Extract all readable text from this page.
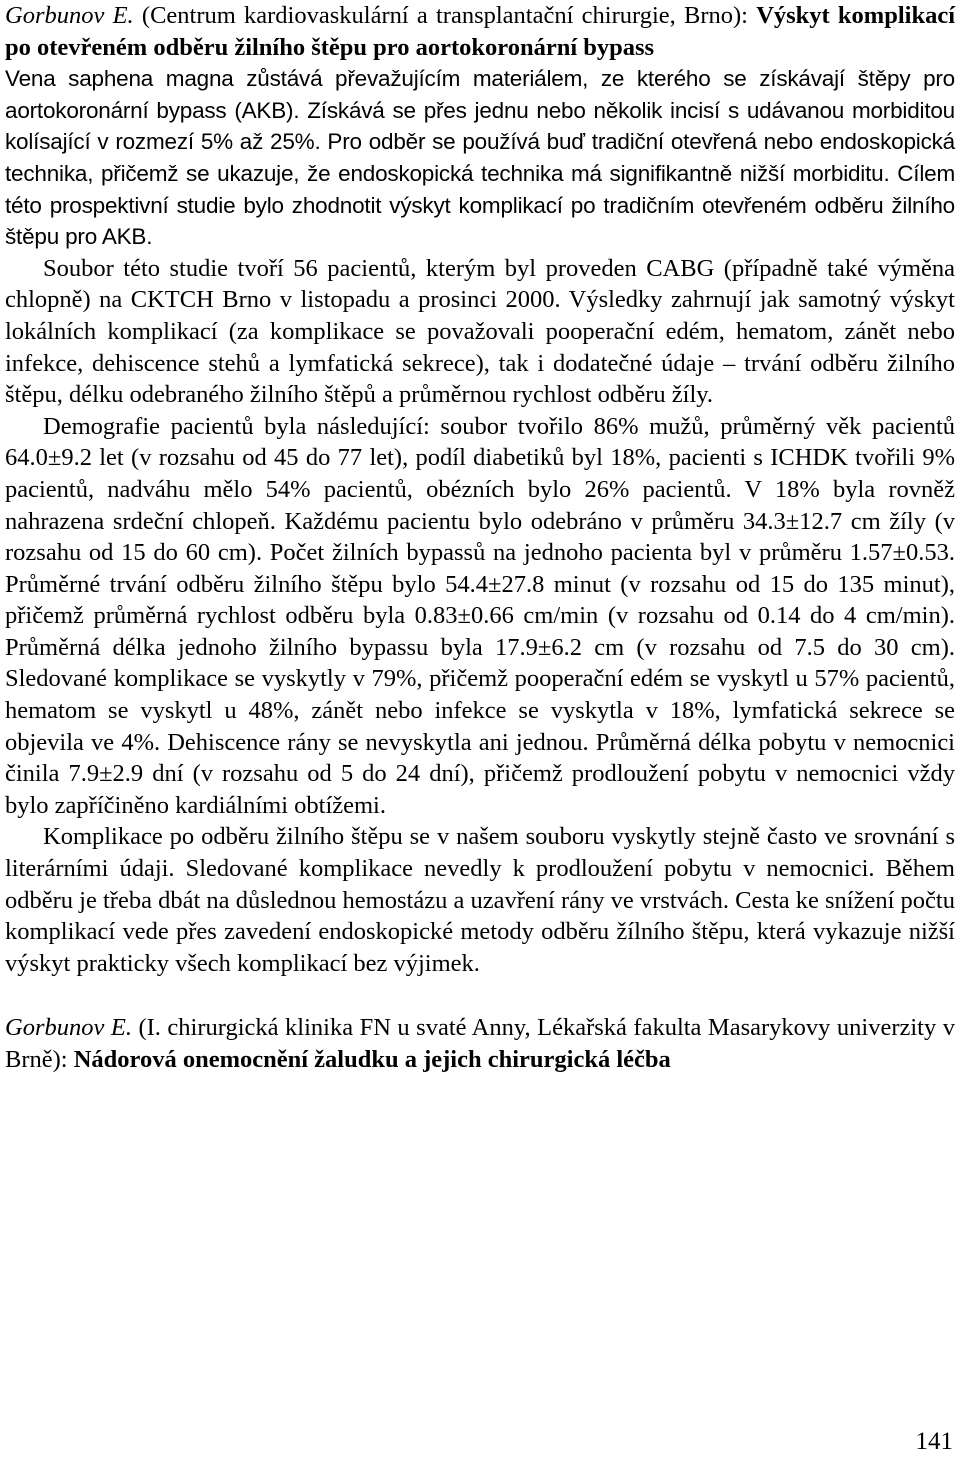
Gorbunov E. (Centrum kardiovaskulární a transplantační chirurgie, Brno): Výskyt komplikací po otevřeném odběru žilního štěpu pro aortokoronární bypass

Vena saphena magna zůstává převažujícím materiálem, ze kterého se získávají štěpy pro aortokoronární bypass (AKB). Získává se přes jednu nebo několik incisí s udávanou morbiditou kolísající v rozmezí 5% až 25%. Pro odběr se používá buď tradiční otevřená nebo endoskopická technika, přičemž se ukazuje, že endoskopická technika má signifikantně nižší morbiditu. Cílem této prospektivní studie bylo zhodnotit výskyt komplikací po tradičním otevřeném odběru žilního štěpu pro AKB.

Soubor této studie tvoří 56 pacientů, kterým byl proveden CABG (případně také výměna chlopně) na CKTCH Brno v listopadu a prosinci 2000. Výsledky zahrnují jak samotný výskyt lokálních komplikací (za komplikace se považovali pooperační edém, hematom, zánět nebo infekce, dehiscence stehů a lymfatická sekrece), tak i dodatečné údaje – trvání odběru žilního štěpu, délku odebraného žilního štěpů a průměrnou rychlost odběru žíly.

Demografie pacientů byla následující: soubor tvořilo 86% mužů, průměrný věk pacientů 64.0±9.2 let (v rozsahu od 45 do 77 let), podíl diabetiků byl 18%, pacienti s ICHDK tvořili 9% pacientů, nadváhu mělo 54% pacientů, obézních bylo 26% pacientů. V 18% byla rovněž nahrazena srdeční chlopeň. Každému pacientu bylo odebráno v průměru 34.3±12.7 cm žíly (v rozsahu od 15 do 60 cm). Počet žilních bypassů na jednoho pacienta byl v průměru 1.57±0.53. Průměrné trvání odběru žilního štěpu bylo 54.4±27.8 minut (v rozsahu od 15 do 135 minut), přičemž průměrná rychlost odběru byla 0.83±0.66 cm/min (v rozsahu od 0.14 do 4 cm/min). Průměrná délka jednoho žilního bypassu byla 17.9±6.2 cm (v rozsahu od 7.5 do 30 cm). Sledované komplikace se vyskytly v 79%, přičemž pooperační edém se vyskytl u 57% pacientů, hematom se vyskytl u 48%, zánět nebo infekce se vyskytla v 18%, lymfatická sekrece se objevila ve 4%. Dehiscence rány se nevyskytla ani jednou. Průměrná délka pobytu v nemocnici činila 7.9±2.9 dní (v rozsahu od 5 do 24 dní), přičemž prodloužení pobytu v nemocnici vždy bylo zapříčiněno kardiálními obtížemi.

Komplikace po odběru žilního štěpu se v našem souboru vyskytly stejně často ve srovnání s literárními údaji. Sledované komplikace nevedly k prodloužení pobytu v nemocnici. Během odběru je třeba dbát na důslednou hemostázu a uzavření rány ve vrstvách. Cesta ke snížení počtu komplikací vede přes zavedení endoskopické metody odběru žílního štěpu, která vykazuje nižší výskyt prakticky všech komplikací bez výjimek.

Gorbunov E. (I. chirurgická klinika FN u svaté Anny, Lékařská fakulta Masarykovy univerzity v Brně): Nádorová onemocnění žaludku a jejich chirurgická léčba

141
